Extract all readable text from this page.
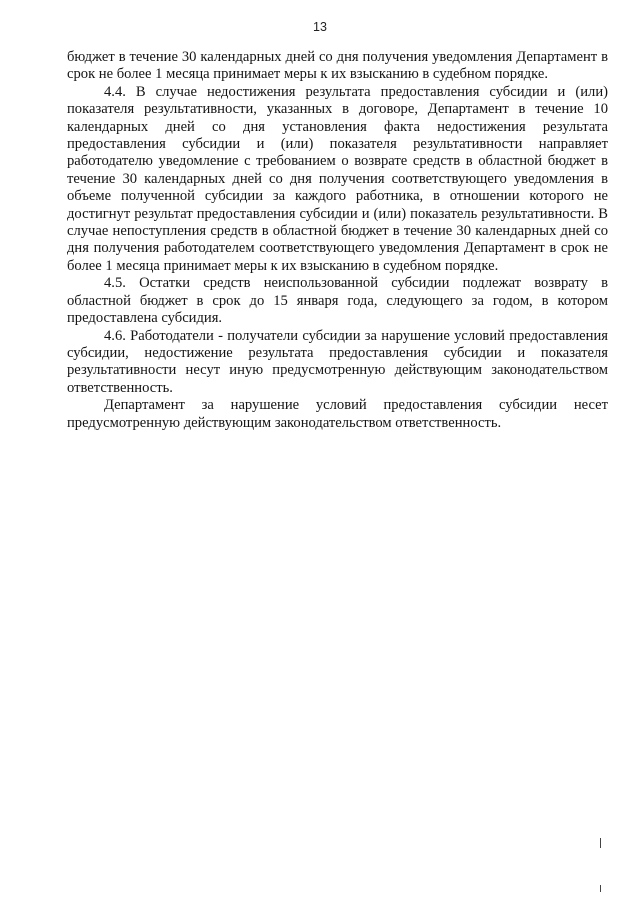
13

бюджет в течение 30 календарных дней со дня получения уведомления Департамент в срок не более 1 месяца принимает меры к их взысканию в судебном порядке.

4.4. В случае недостижения результата предоставления субсидии и (или) показателя результативности, указанных в договоре, Департамент в течение 10 календарных дней со дня установления факта недостижения результата предоставления субсидии и (или) показателя результативности направляет работодателю уведомление с требованием о возврате средств в областной бюджет в течение 30 календарных дней со дня получения соответствующего уведомления в объеме полученной субсидии за каждого работника, в отношении которого не достигнут результат предоставления субсидии и (или) показатель результативности. В случае непоступления средств в областной бюджет в течение 30 календарных дней со дня получения работодателем соответствующего уведомления Департамент в срок не более 1 месяца принимает меры к их взысканию в судебном порядке.

4.5. Остатки средств неиспользованной субсидии подлежат возврату в областной бюджет в срок до 15 января года, следующего за годом, в котором предоставлена субсидия.

4.6. Работодатели - получатели субсидии за нарушение условий предоставления субсидии, недостижение результата предоставления субсидии и показателя результативности несут иную предусмотренную действующим законодательством ответственность.

Департамент за нарушение условий предоставления субсидии несет предусмотренную действующим законодательством ответственность.
